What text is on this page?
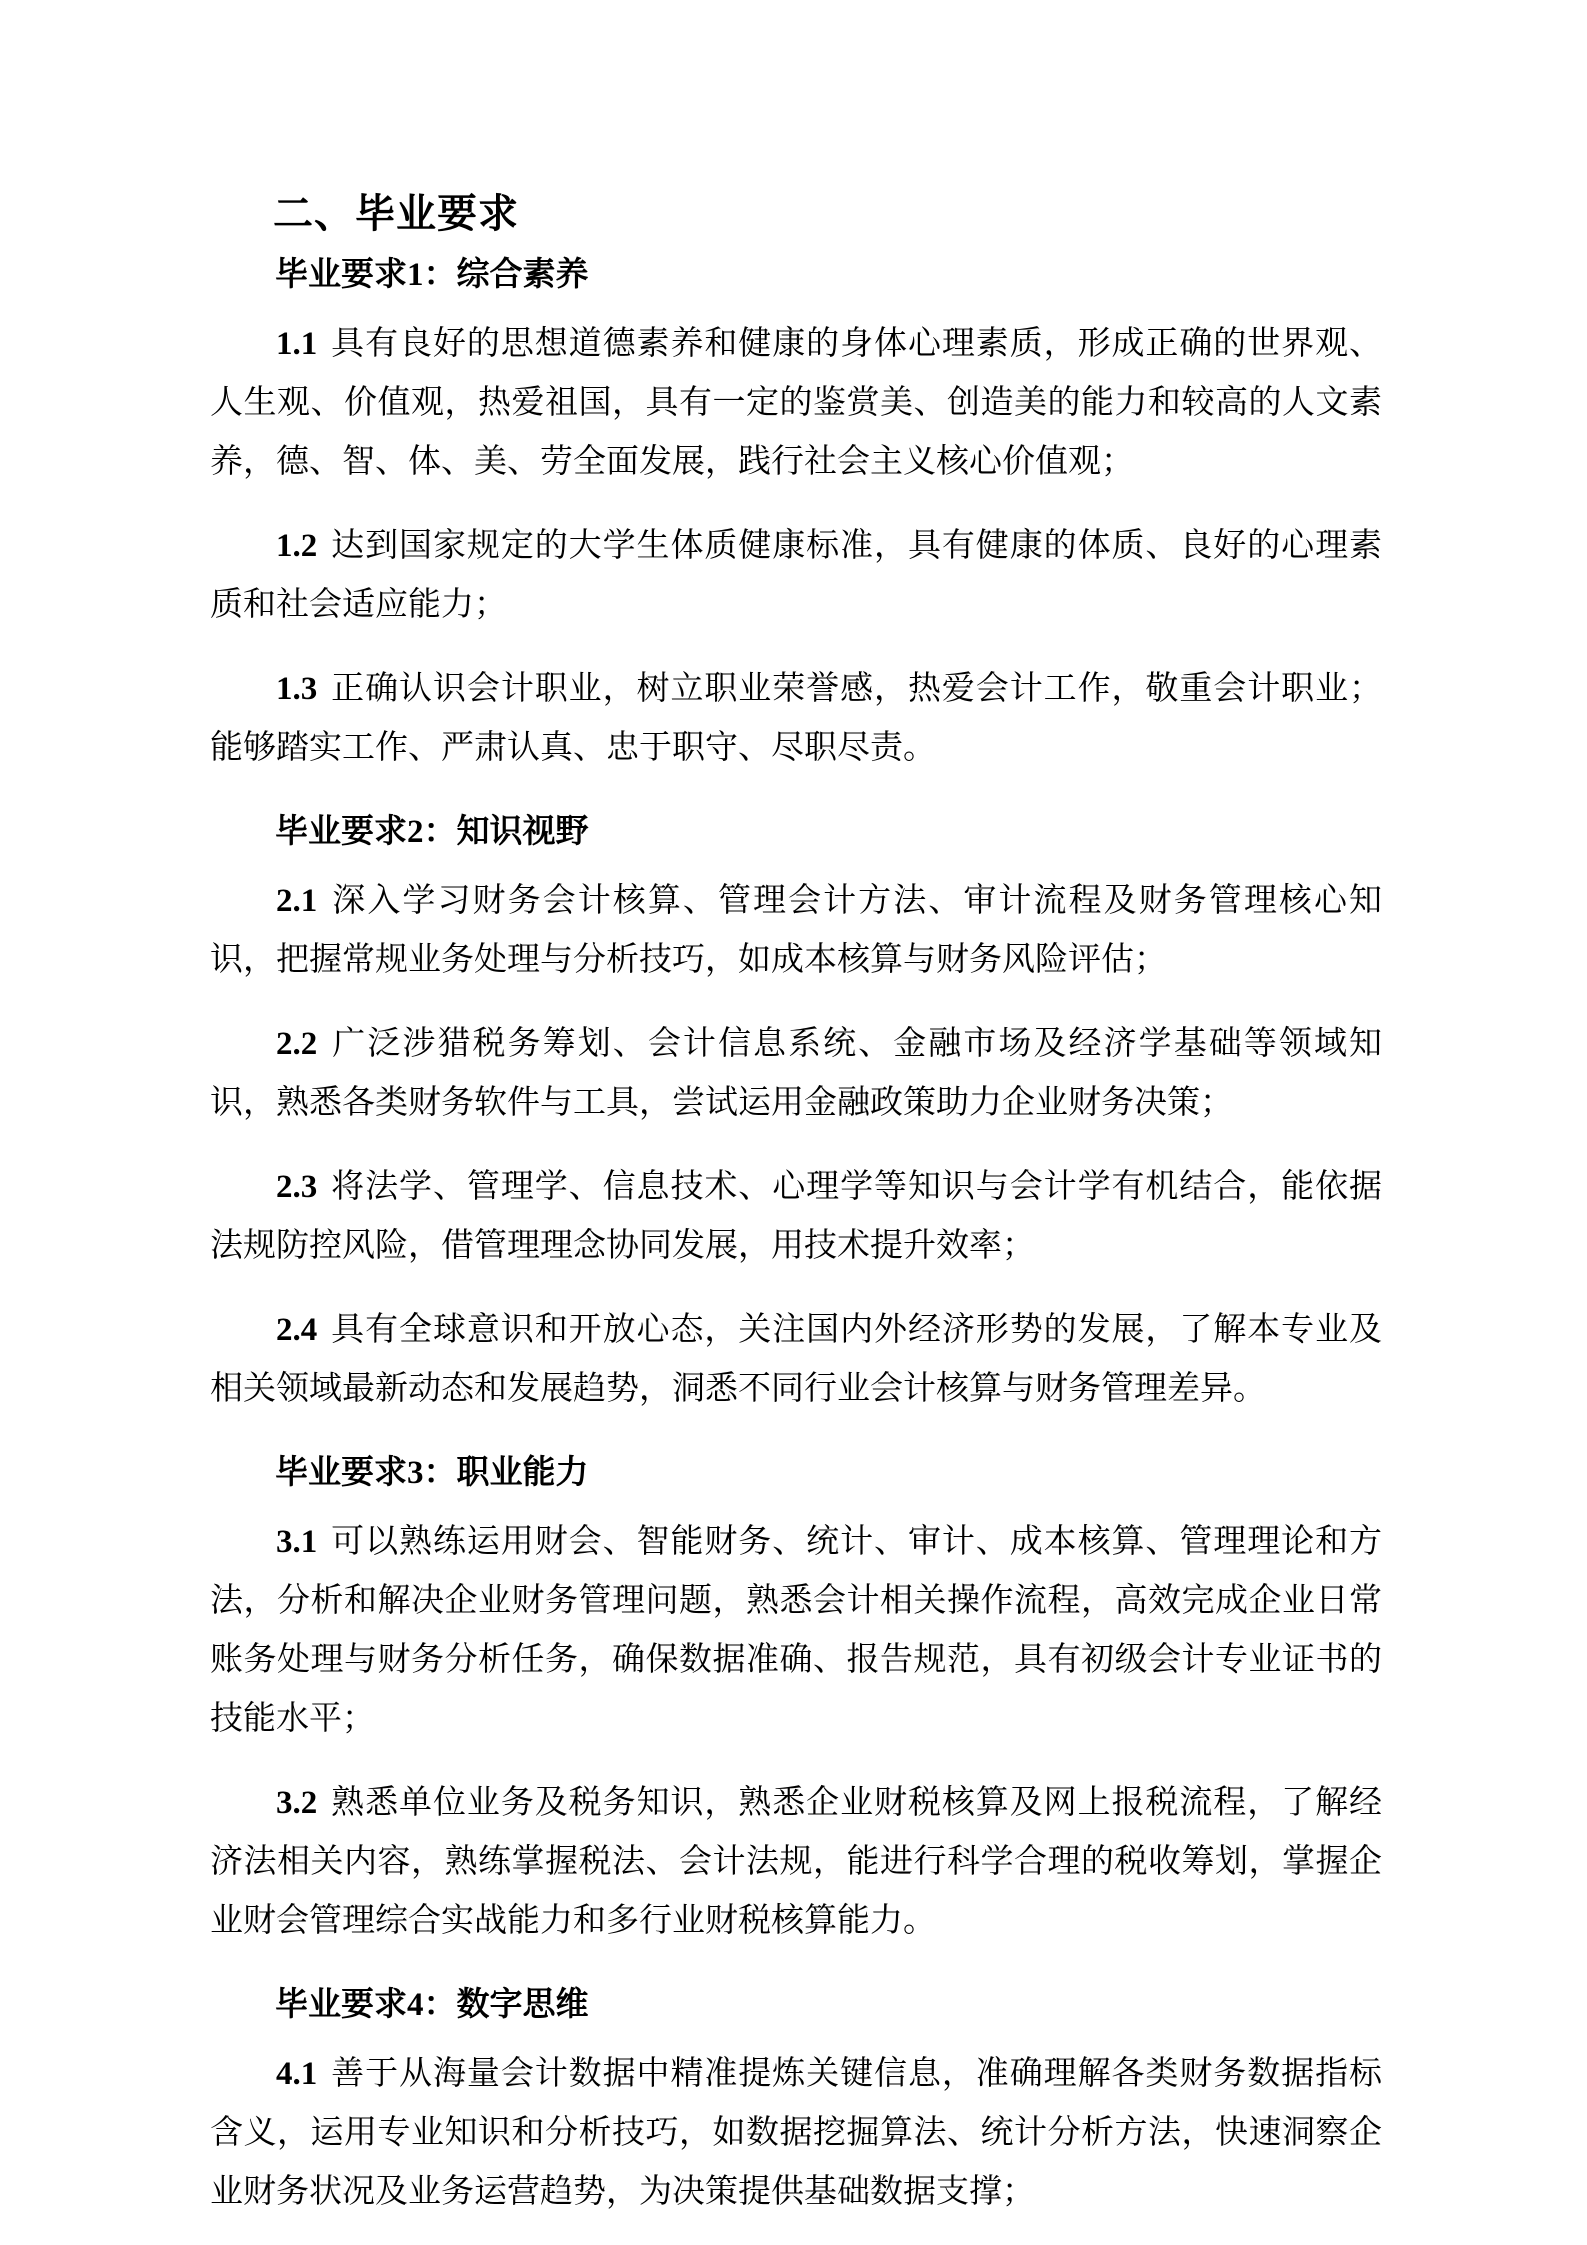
二、毕业要求
毕业要求1：综合素养

1.1 具有良好的思想道德素养和健康的身体心理素质，形成正确的世界观、人生观、价值观，热爱祖国，具有一定的鉴赏美、创造美的能力和较高的人文素养，德、智、体、美、劳全面发展，践行社会主义核心价值观；

1.2 达到国家规定的大学生体质健康标准，具有健康的体质、良好的心理素质和社会适应能力；

1.3 正确认识会计职业，树立职业荣誉感，热爱会计工作，敬重会计职业；能够踏实工作、严肃认真、忠于职守、尽职尽责。

毕业要求2：知识视野

2.1 深入学习财务会计核算、管理会计方法、审计流程及财务管理核心知识，把握常规业务处理与分析技巧，如成本核算与财务风险评估；

2.2 广泛涉猎税务筹划、会计信息系统、金融市场及经济学基础等领域知识，熟悉各类财务软件与工具，尝试运用金融政策助力企业财务决策；

2.3 将法学、管理学、信息技术、心理学等知识与会计学有机结合，能依据法规防控风险，借管理理念协同发展，用技术提升效率；

2.4 具有全球意识和开放心态，关注国内外经济形势的发展，了解本专业及相关领域最新动态和发展趋势，洞悉不同行业会计核算与财务管理差异。

毕业要求3：职业能力

3.1 可以熟练运用财会、智能财务、统计、审计、成本核算、管理理论和方法，分析和解决企业财务管理问题，熟悉会计相关操作流程，高效完成企业日常账务处理与财务分析任务，确保数据准确、报告规范，具有初级会计专业证书的技能水平；

3.2 熟悉单位业务及税务知识，熟悉企业财税核算及网上报税流程，了解经济法相关内容，熟练掌握税法、会计法规，能进行科学合理的税收筹划，掌握企业财会管理综合实战能力和多行业财税核算能力。

毕业要求4：数字思维

4.1 善于从海量会计数据中精准提炼关键信息，准确理解各类财务数据指标含义，运用专业知识和分析技巧，如数据挖掘算法、统计分析方法，快速洞察企业财务状况及业务运营趋势，为决策提供基础数据支撑；
